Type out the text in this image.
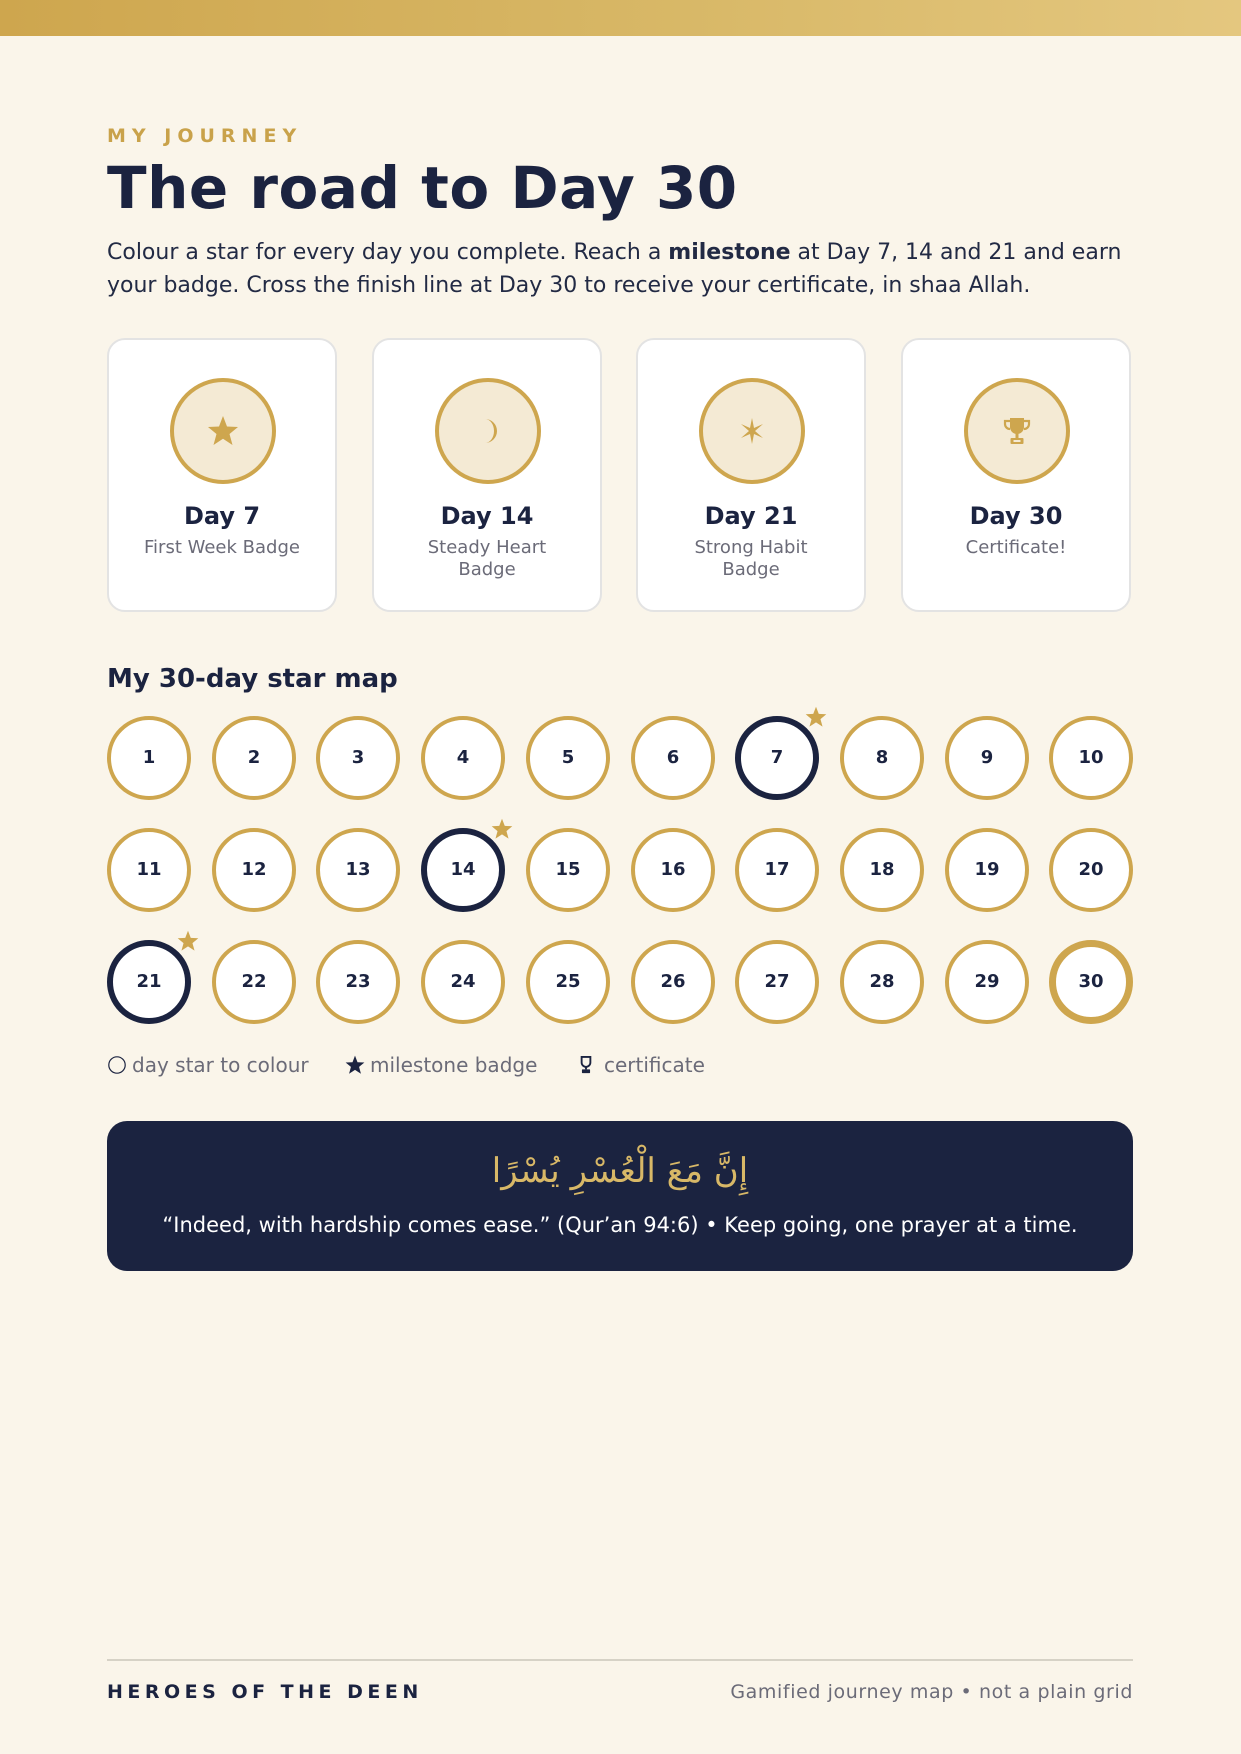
MY JOURNEY
The road to Day 30
Colour a star for every day you complete. Reach a milestone at Day 7, 14 and 21 and earn your badge. Cross the finish line at Day 30 to receive your certificate, in shaa Allah.
Day 7
First Week Badge
Day 14
Steady Heart Badge
Day 21
Strong Habit Badge
Day 30
Certificate!
My 30-day star map
1	2	3	4	5	6	7	8	9	10
11	12	13	14	15	16	17	18	19	20
21	22	23	24	25	26	27	28	29	30
day star to colour	milestone badge	certificate
إِنَّ مَعَ الْعُسْرِ يُسْرًا
“Indeed, with hardship comes ease.” (Qur’an 94:6) • Keep going, one prayer at a time.
HEROES OF THE DEEN	Gamified journey map • not a plain grid
